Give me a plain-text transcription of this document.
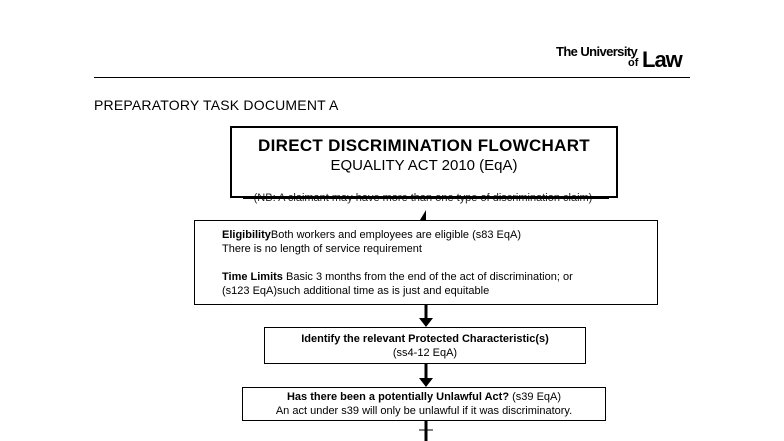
The University
of Law
PREPARATORY TASK DOCUMENT A
(NB: A claimant may have more than one type of discrimination claim)
DIRECT DISCRIMINATION FLOWCHART
EQUALITY ACT 2010 (EqA)

EligibilityBoth workers and employees are eligible (s83 EqA)

There is no length of service requirement

Time Limits Basic 3 months from the end of the act of discrimination; or

(s123 EqA)such additional time as is just and equitable

Identify the relevant Protected Characteristic(s)
(ss4-12 EqA)
Has there been a potentially Unlawful Act? (s39 EqA)
An act under s39 will only be unlawful if it was discriminatory.
